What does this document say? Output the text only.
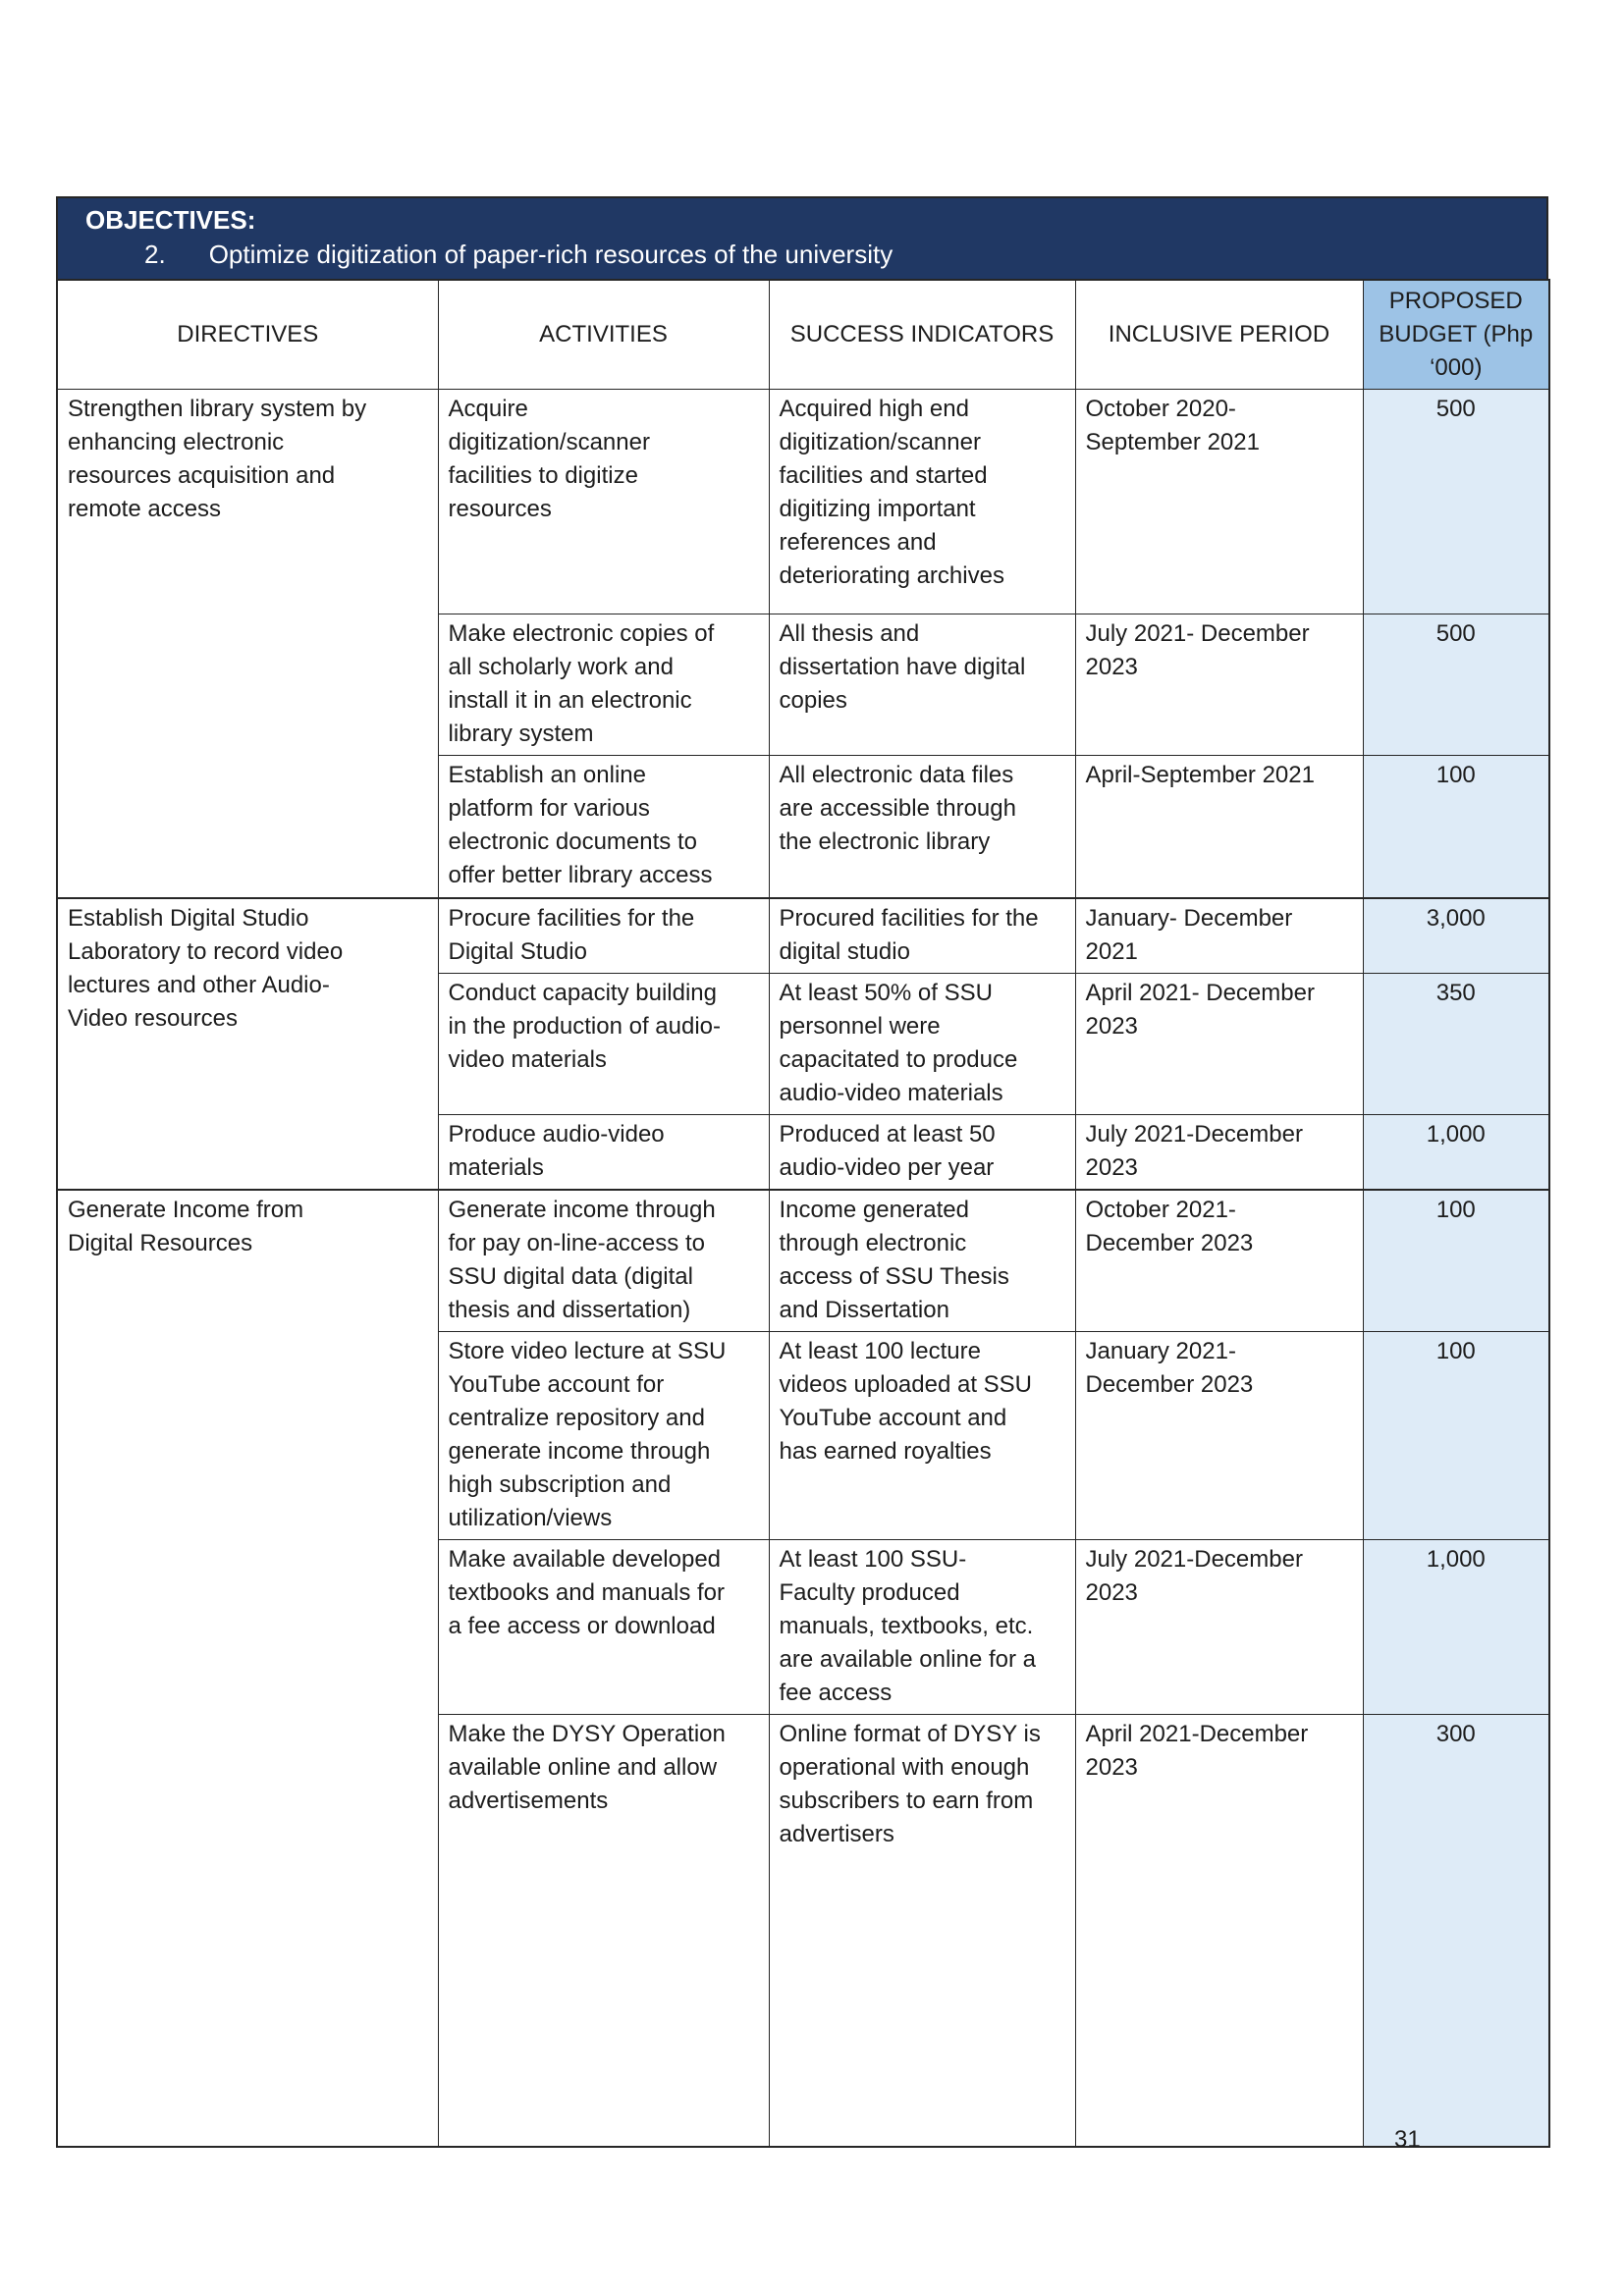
OBJECTIVES:
2. Optimize digitization of paper-rich resources of the university
DIRECTIVES	ACTIVITIES	SUCCESS INDICATORS	INCLUSIVE PERIOD	PROPOSED BUDGET (Php ‘000)
Strengthen library system by enhancing electronic resources acquisition and remote access	Acquire digitization/scanner facilities to digitize resources	Acquired high end digitization/scanner facilities and started digitizing important references and deteriorating archives	October 2020- September 2021	500
	Make electronic copies of all scholarly work and install it in an electronic library system	All thesis and dissertation have digital copies	July 2021- December 2023	500
	Establish an online platform for various electronic documents to offer better library access	All electronic data files are accessible through the electronic library	April-September 2021	100
Establish Digital Studio Laboratory to record video lectures and other Audio-Video resources	Procure facilities for the Digital Studio	Procured facilities for the digital studio	January- December 2021	3,000
	Conduct capacity building in the production of audio-video materials	At least 50% of SSU personnel were capacitated to produce audio-video materials	April 2021- December 2023	350
	Produce audio-video materials	Produced at least 50 audio-video per year	July 2021-December 2023	1,000
Generate Income from Digital Resources	Generate income through for pay on-line-access to SSU digital data (digital thesis and dissertation)	Income generated through electronic access of SSU Thesis and Dissertation	October 2021- December 2023	100
	Store video lecture at SSU YouTube account for centralize repository and generate income through high subscription and utilization/views	At least 100 lecture videos uploaded at SSU YouTube account and has earned royalties	January 2021- December 2023	100
	Make available developed textbooks and manuals for a fee access or download	At least 100 SSU-Faculty produced manuals, textbooks, etc. are available online for a fee access	July 2021-December 2023	1,000
	Make the DYSY Operation available online and allow advertisements	Online format of DYSY is operational with enough subscribers to earn from advertisers	April 2021-December 2023	300
31
